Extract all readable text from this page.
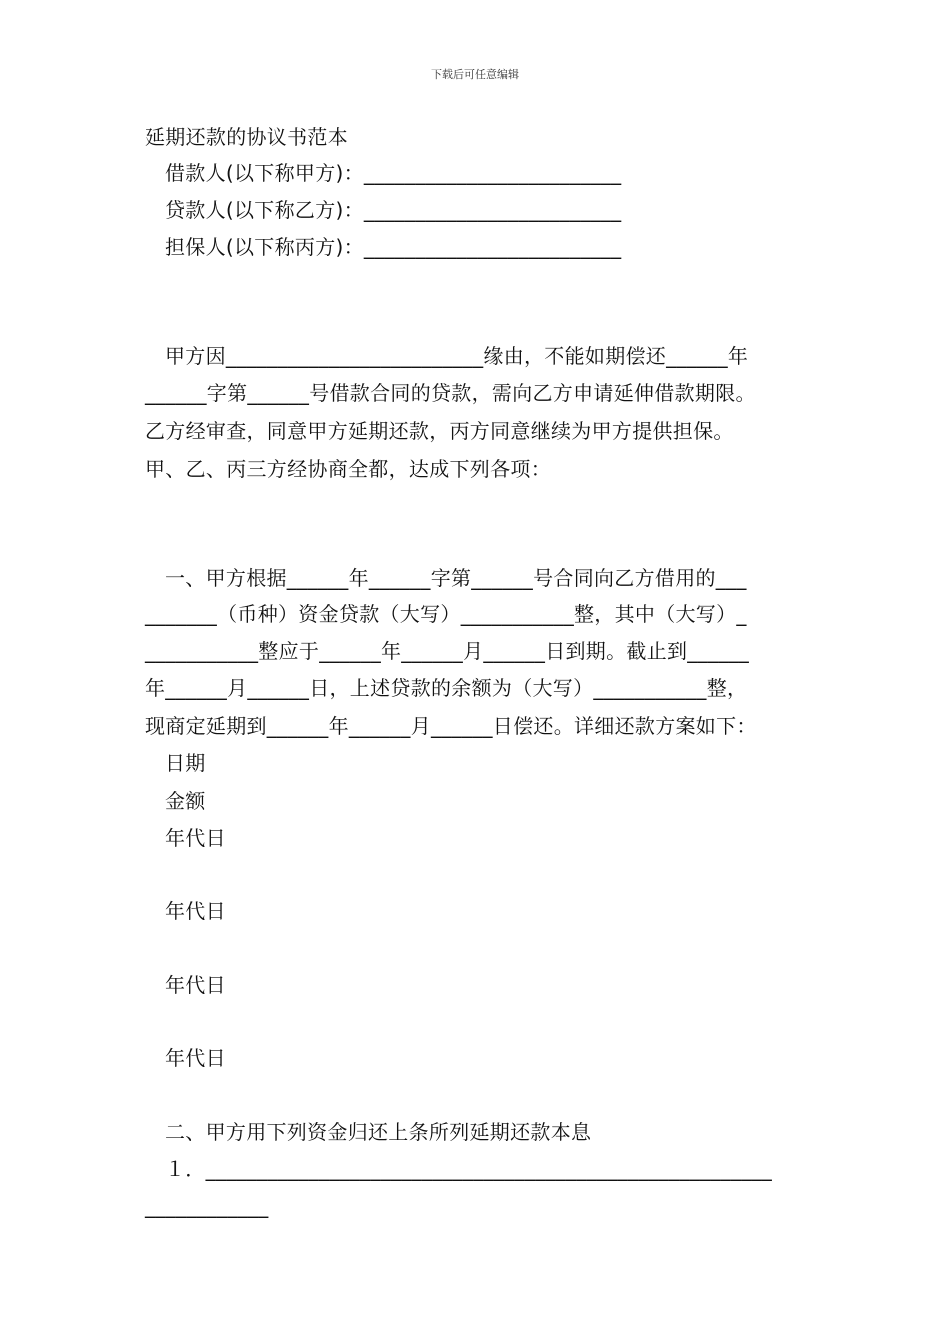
下载后可任意编辑
延期还款的协议书范本
借款人(以下称甲方)：_________________________
贷款人(以下称乙方)：_________________________
担保人(以下称丙方)：_________________________
甲方因_________________________缘由，不能如期偿还______年
______字第______号借款合同的贷款，需向乙方申请延伸借款期限。
乙方经审查，同意甲方延期还款，丙方同意继续为甲方提供担保。
甲、乙、丙三方经协商全都，达成下列各项：
一、甲方根据______年______字第______号合同向乙方借用的___
_______（币种）资金贷款（大写）___________整，其中（大写）_
___________整应于______年______月______日到期。截止到______
年______月______日，上述贷款的余额为（大写）___________整，
现商定延期到______年______月______日偿还。详细还款方案如下：
日期
金额
年代日
年代日
年代日
年代日
二、甲方用下列资金归还上条所列延期还款本息
１．_______________________________________________________
____________
